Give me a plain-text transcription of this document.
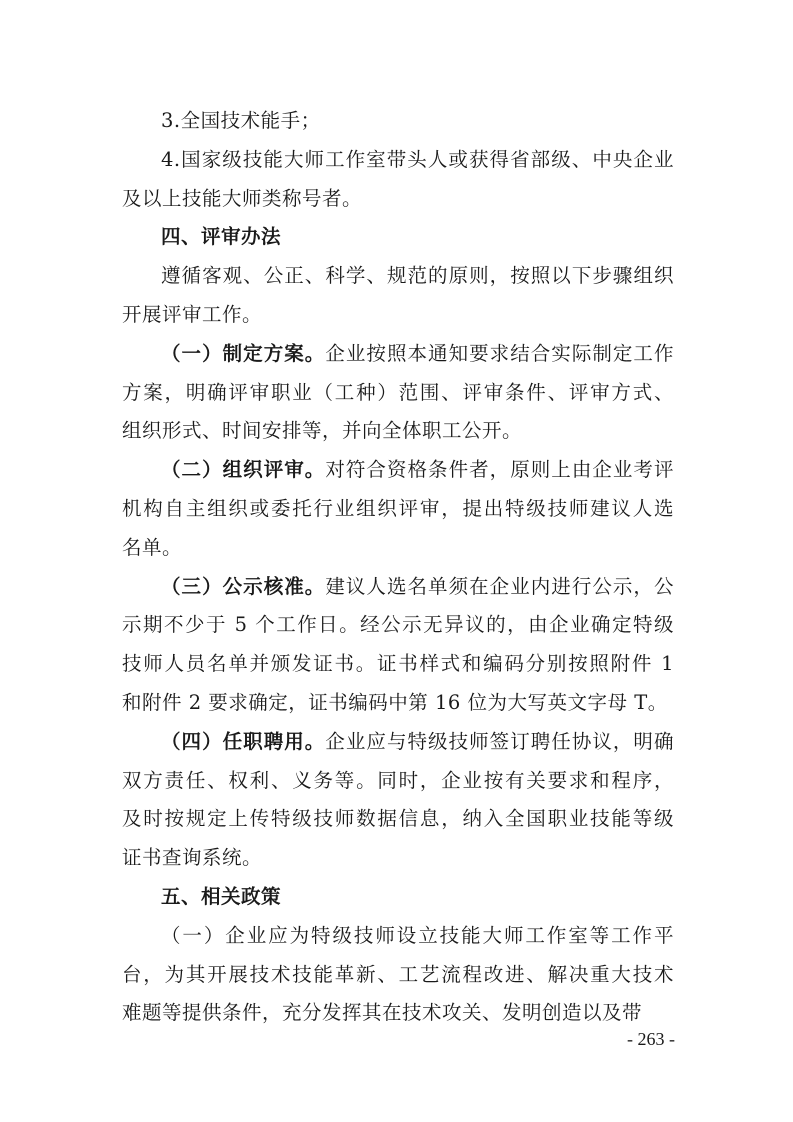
3.全国技术能手；
4.国家级技能大师工作室带头人或获得省部级、中央企业
及以上技能大师类称号者。
四、评审办法
遵循客观、公正、科学、规范的原则，按照以下步骤组织
开展评审工作。
（一）制定方案。企业按照本通知要求结合实际制定工作
方案，明确评审职业（工种）范围、评审条件、评审方式、
组织形式、时间安排等，并向全体职工公开。
（二）组织评审。对符合资格条件者，原则上由企业考评
机构自主组织或委托行业组织评审，提出特级技师建议人选
名单。
（三）公示核准。建议人选名单须在企业内进行公示，公
示期不少于 5 个工作日。经公示无异议的，由企业确定特级
技师人员名单并颁发证书。证书样式和编码分别按照附件 1
和附件 2 要求确定，证书编码中第 16 位为大写英文字母 T。
（四）任职聘用。企业应与特级技师签订聘任协议，明确
双方责任、权利、义务等。同时，企业按有关要求和程序，
及时按规定上传特级技师数据信息，纳入全国职业技能等级
证书查询系统。
五、相关政策
（一）企业应为特级技师设立技能大师工作室等工作平
台，为其开展技术技能革新、工艺流程改进、解决重大技术
难题等提供条件，充分发挥其在技术攻关、发明创造以及带
- 263 -
